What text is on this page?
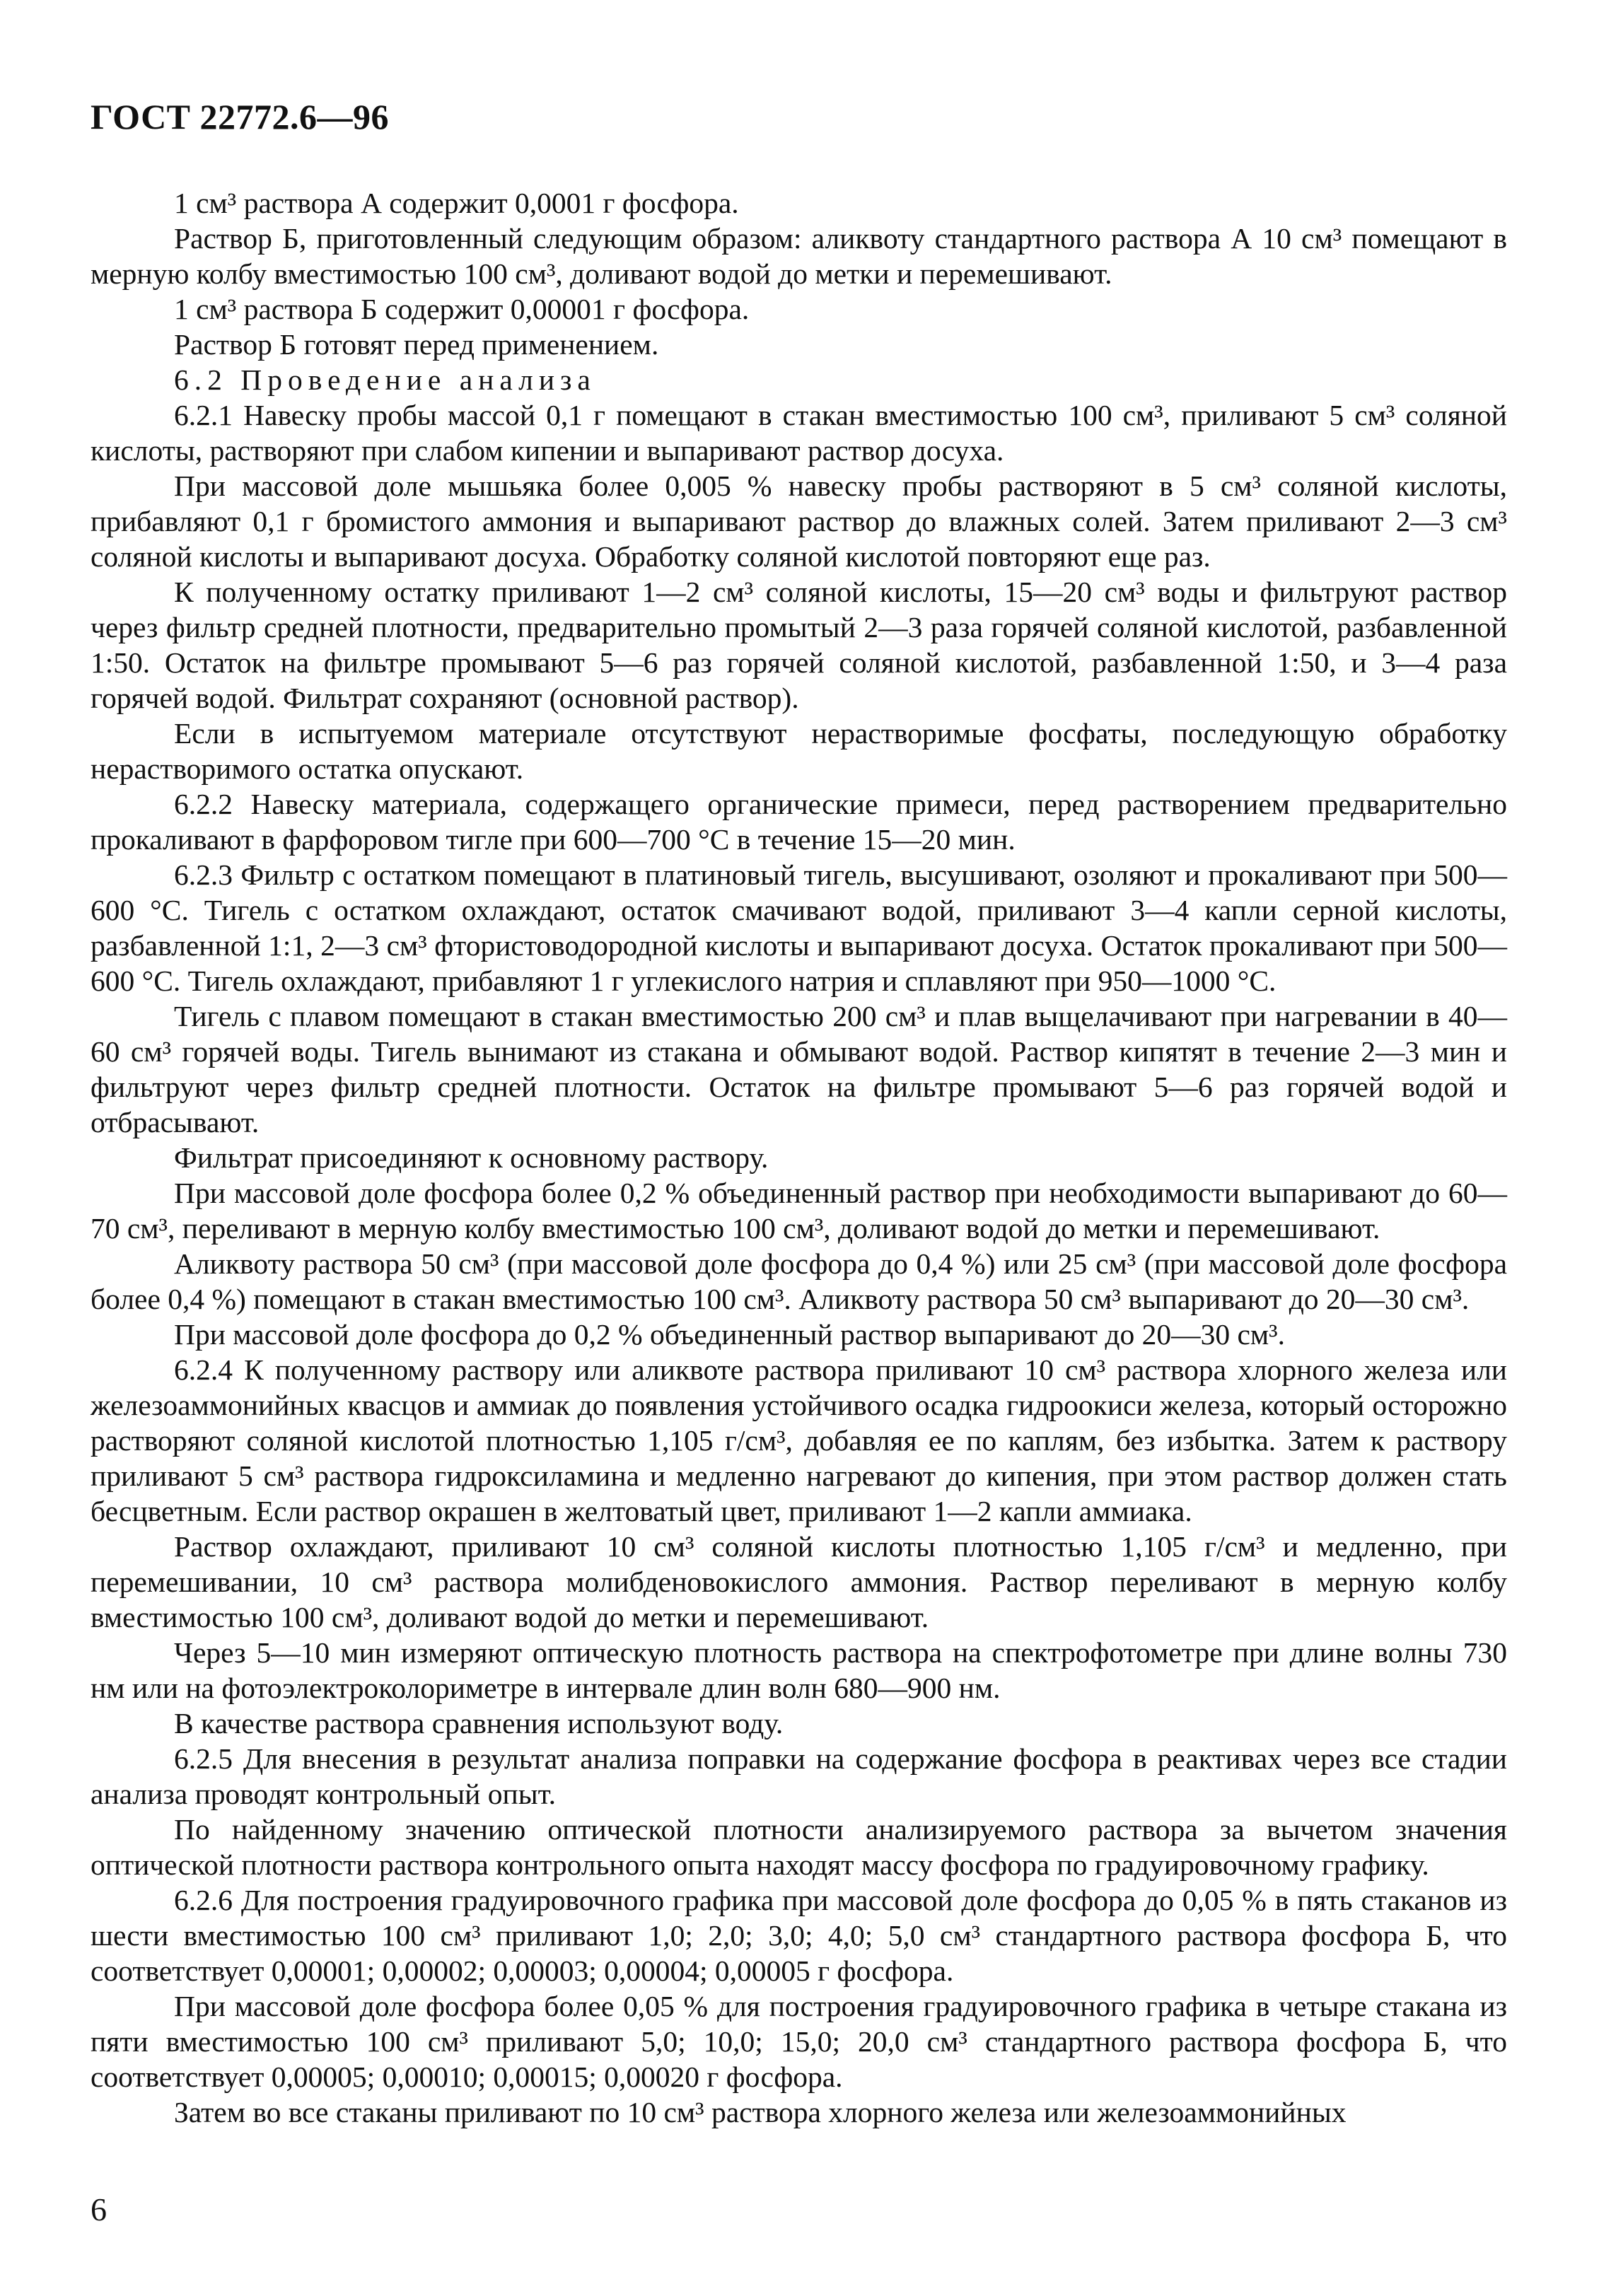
ГОСТ 22772.6—96

1 см³ раствора А содержит 0,0001 г фосфора.

Раствор Б, приготовленный следующим образом: аликвоту стандартного раствора А 10 см³ помещают в мерную колбу вместимостью 100 см³, доливают водой до метки и перемешивают.

1 см³ раствора Б содержит 0,00001 г фосфора.

Раствор Б готовят перед применением.

6.2 Проведение анализа

6.2.1 Навеску пробы массой 0,1 г помещают в стакан вместимостью 100 см³, приливают 5 см³ соляной кислоты, растворяют при слабом кипении и выпаривают раствор досуха.

При массовой доле мышьяка более 0,005 % навеску пробы растворяют в 5 см³ соляной кислоты, прибавляют 0,1 г бромистого аммония и выпаривают раствор до влажных солей. Затем приливают 2—3 см³ соляной кислоты и выпаривают досуха. Обработку соляной кислотой повторяют еще раз.

К полученному остатку приливают 1—2 см³ соляной кислоты, 15—20 см³ воды и фильтруют раствор через фильтр средней плотности, предварительно промытый 2—3 раза горячей соляной кислотой, разбавленной 1:50. Остаток на фильтре промывают 5—6 раз горячей соляной кислотой, разбавленной 1:50, и 3—4 раза горячей водой. Фильтрат сохраняют (основной раствор).

Если в испытуемом материале отсутствуют нерастворимые фосфаты, последующую обработку нерастворимого остатка опускают.

6.2.2 Навеску материала, содержащего органические примеси, перед растворением предварительно прокаливают в фарфоровом тигле при 600—700 °С в течение 15—20 мин.

6.2.3 Фильтр с остатком помещают в платиновый тигель, высушивают, озоляют и прокаливают при 500—600 °С. Тигель с остатком охлаждают, остаток смачивают водой, приливают 3—4 капли серной кислоты, разбавленной 1:1, 2—3 см³ фтористоводородной кислоты и выпаривают досуха. Остаток прокаливают при 500—600 °С. Тигель охлаждают, прибавляют 1 г углекислого натрия и сплавляют при 950—1000 °С.

Тигель с плавом помещают в стакан вместимостью 200 см³ и плав выщелачивают при нагревании в 40—60 см³ горячей воды. Тигель вынимают из стакана и обмывают водой. Раствор кипятят в течение 2—3 мин и фильтруют через фильтр средней плотности. Остаток на фильтре промывают 5—6 раз горячей водой и отбрасывают.

Фильтрат присоединяют к основному раствору.

При массовой доле фосфора более 0,2 % объединенный раствор при необходимости выпаривают до 60—70 см³, переливают в мерную колбу вместимостью 100 см³, доливают водой до метки и перемешивают.

Аликвоту раствора 50 см³ (при массовой доле фосфора до 0,4 %) или 25 см³ (при массовой доле фосфора более 0,4 %) помещают в стакан вместимостью 100 см³. Аликвоту раствора 50 см³ выпаривают до 20—30 см³.

При массовой доле фосфора до 0,2 % объединенный раствор выпаривают до 20—30 см³.

6.2.4 К полученному раствору или аликвоте раствора приливают 10 см³ раствора хлорного железа или железоаммонийных квасцов и аммиак до появления устойчивого осадка гидроокиси железа, который осторожно растворяют соляной кислотой плотностью 1,105 г/см³, добавляя ее по каплям, без избытка. Затем к раствору приливают 5 см³ раствора гидроксиламина и медленно нагревают до кипения, при этом раствор должен стать бесцветным. Если раствор окрашен в желтоватый цвет, приливают 1—2 капли аммиака.

Раствор охлаждают, приливают 10 см³ соляной кислоты плотностью 1,105 г/см³ и медленно, при перемешивании, 10 см³ раствора молибденовокислого аммония. Раствор переливают в мерную колбу вместимостью 100 см³, доливают водой до метки и перемешивают.

Через 5—10 мин измеряют оптическую плотность раствора на спектрофотометре при длине волны 730 нм или на фотоэлектроколориметре в интервале длин волн 680—900 нм.

В качестве раствора сравнения используют воду.

6.2.5 Для внесения в результат анализа поправки на содержание фосфора в реактивах через все стадии анализа проводят контрольный опыт.

По найденному значению оптической плотности анализируемого раствора за вычетом значения оптической плотности раствора контрольного опыта находят массу фосфора по градуировочному графику.

6.2.6 Для построения градуировочного графика при массовой доле фосфора до 0,05 % в пять стаканов из шести вместимостью 100 см³ приливают 1,0; 2,0; 3,0; 4,0; 5,0 см³ стандартного раствора фосфора Б, что соответствует 0,00001; 0,00002; 0,00003; 0,00004; 0,00005 г фосфора.

При массовой доле фосфора более 0,05 % для построения градуировочного графика в четыре стакана из пяти вместимостью 100 см³ приливают 5,0; 10,0; 15,0; 20,0 см³ стандартного раствора фосфора Б, что соответствует 0,00005; 0,00010; 0,00015; 0,00020 г фосфора.

Затем во все стаканы приливают по 10 см³ раствора хлорного железа или железоаммонийных

6
